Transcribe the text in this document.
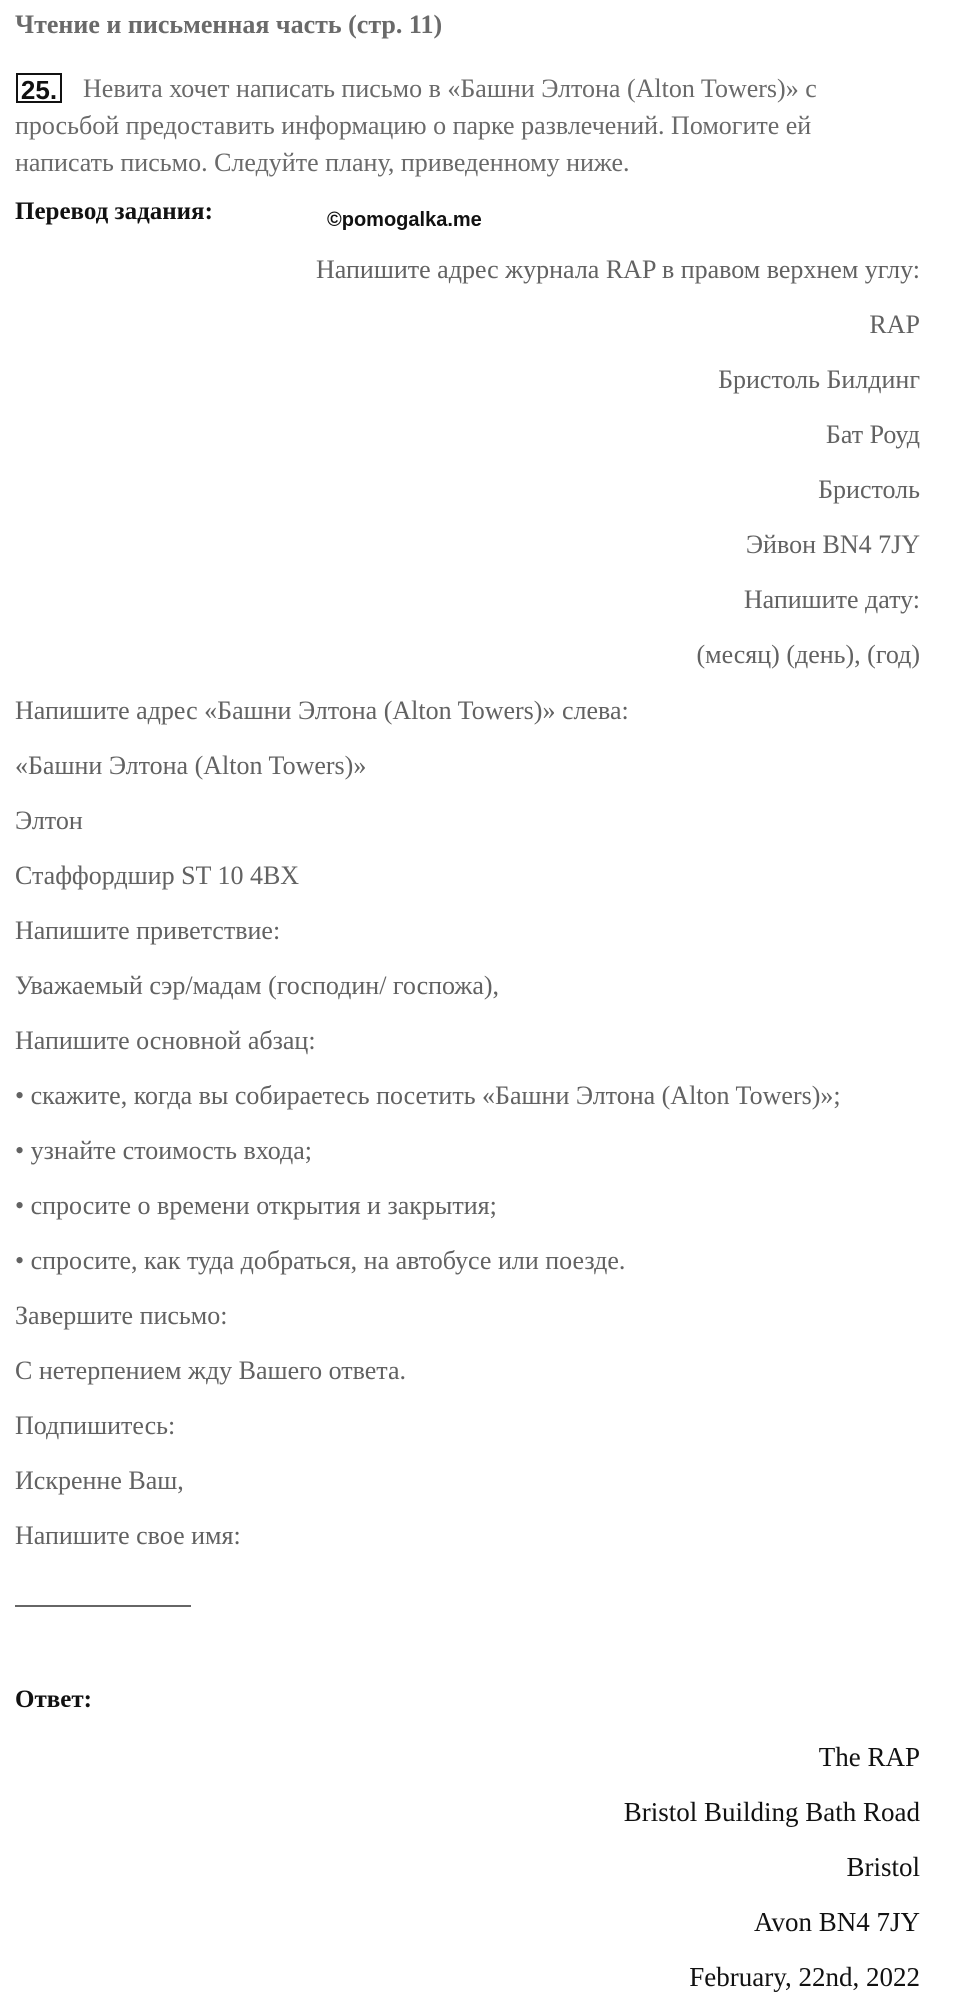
Чтение и письменная часть (стр. 11)
25. Невита хочет написать письмо в «Башни Элтона (Alton Towers)» с просьбой предоставить информацию о парке развлечений. Помогите ей написать письмо. Следуйте плану, приведенному ниже.
Перевод задания:	©pomogalka.me
Напишите адрес журнала RAP в правом верхнем углу:
RAP
Бристоль Билдинг
Бат Роуд
Бристоль
Эйвон BN4 7JY
Напишите дату:
(месяц) (день), (год)
Напишите адрес «Башни Элтона (Alton Towers)» слева:
«Башни Элтона (Alton Towers)»
Элтон
Стаффордшир ST 10 4BX
Напишите приветствие:
Уважаемый сэр/мадам (господин/ госпожа),
Напишите основной абзац:
• скажите, когда вы собираетесь посетить «Башни Элтона (Alton Towers)»;
• узнайте стоимость входа;
• спросите о времени открытия и закрытия;
• спросите, как туда добраться, на автобусе или поезде.
Завершите письмо:
С нетерпением жду Вашего ответа.
Подпишитесь:
Искренне Ваш,
Напишите свое имя:
Ответ:
The RAP
Bristol Building Bath Road
Bristol
Avon BN4 7JY
February, 22nd, 2022
